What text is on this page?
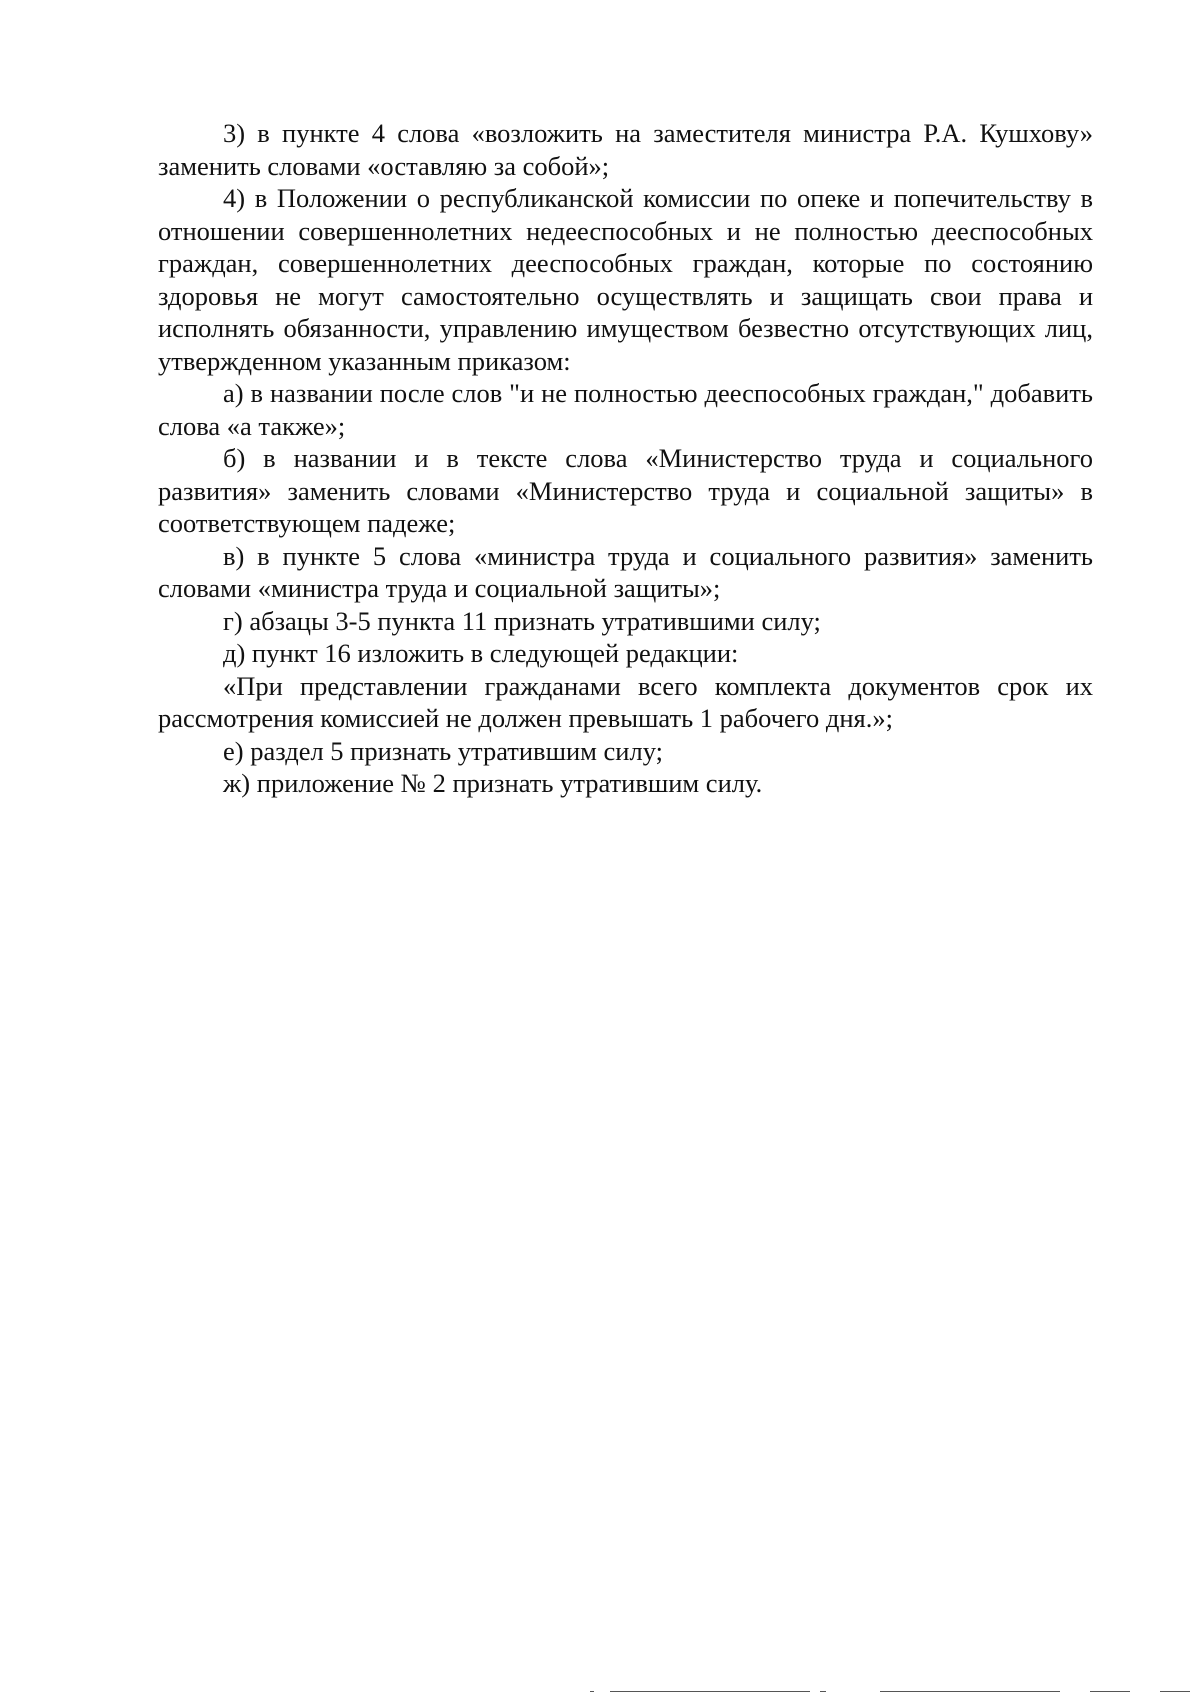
3) в пункте 4 слова «возложить на заместителя министра Р.А. Кушхову» заменить словами «оставляю за собой»;

4) в Положении о республиканской комиссии по опеке и попечительству в отношении совершеннолетних недееспособных и не полностью дееспособных граждан, совершеннолетних дееспособных граждан, которые по состоянию здоровья не могут самостоятельно осуществлять и защищать свои права и исполнять обязанности, управлению имуществом безвестно отсутствующих лиц, утвержденном указанным приказом:

а) в названии после слов "и не полностью дееспособных граждан," добавить слова «а также»;

б) в названии и в тексте слова «Министерство труда и социального развития» заменить словами «Министерство труда и социальной защиты» в соответствующем падеже;

в) в пункте 5 слова «министра труда и социального развития» заменить словами «министра труда и социальной защиты»;

г) абзацы 3-5 пункта 11 признать утратившими силу;

д) пункт 16 изложить в следующей редакции:

«При представлении гражданами всего комплекта документов срок их рассмотрения комиссией не должен превышать 1 рабочего дня.»;

е) раздел 5 признать утратившим силу;

ж) приложение № 2 признать утратившим силу.
